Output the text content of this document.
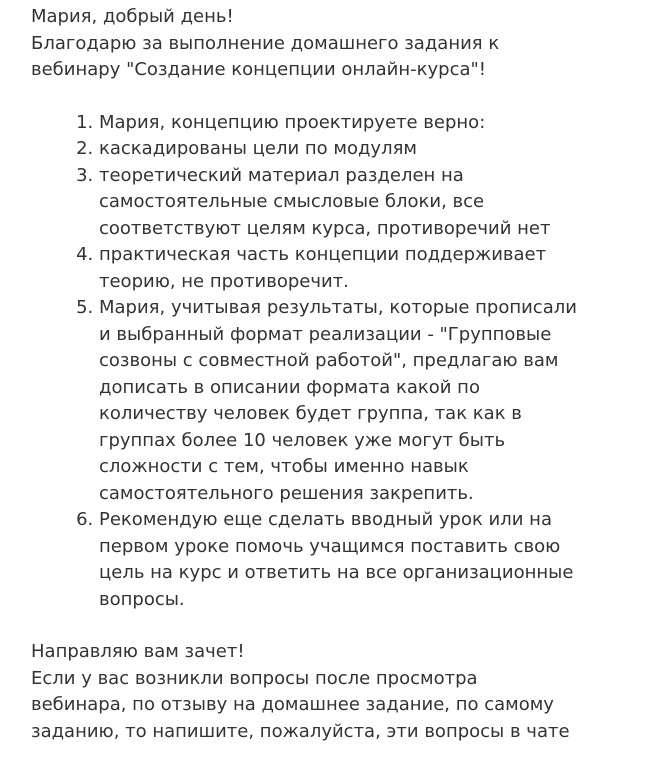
Мария, добрый день!

Благодарю за выполнение домашнего задания к
вебинару "Создание концепции онлайн-курса"!

1. Мария, концепцию проектируете верно:
2. каскадированы цели по модулям
3. теоретический материал разделен на
самостоятельные смысловые блоки, все
соответствуют целям курса, противоречий нет
4. практическая часть концепции поддерживает
теорию, не противоречит.
5. Мария, учитывая результаты, которые прописали
и выбранный формат реализации - "Групповые
созвоны с совместной работой", предлагаю вам
дописать в описании формата какой по
количеству человек будет группа, так как в
группах более 10 человек уже могут быть
сложности с тем, чтобы именно навык
самостоятельного решения закрепить.
6. Рекомендую еще сделать вводный урок или на
первом уроке помочь учащимся поставить свою
цель на курс и ответить на все организационные
вопросы.

Направляю вам зачет!

Если у вас возникли вопросы после просмотра
вебинара, по отзыву на домашнее задание, по самому
заданию, то напишите, пожалуйста, эти вопросы в чате
